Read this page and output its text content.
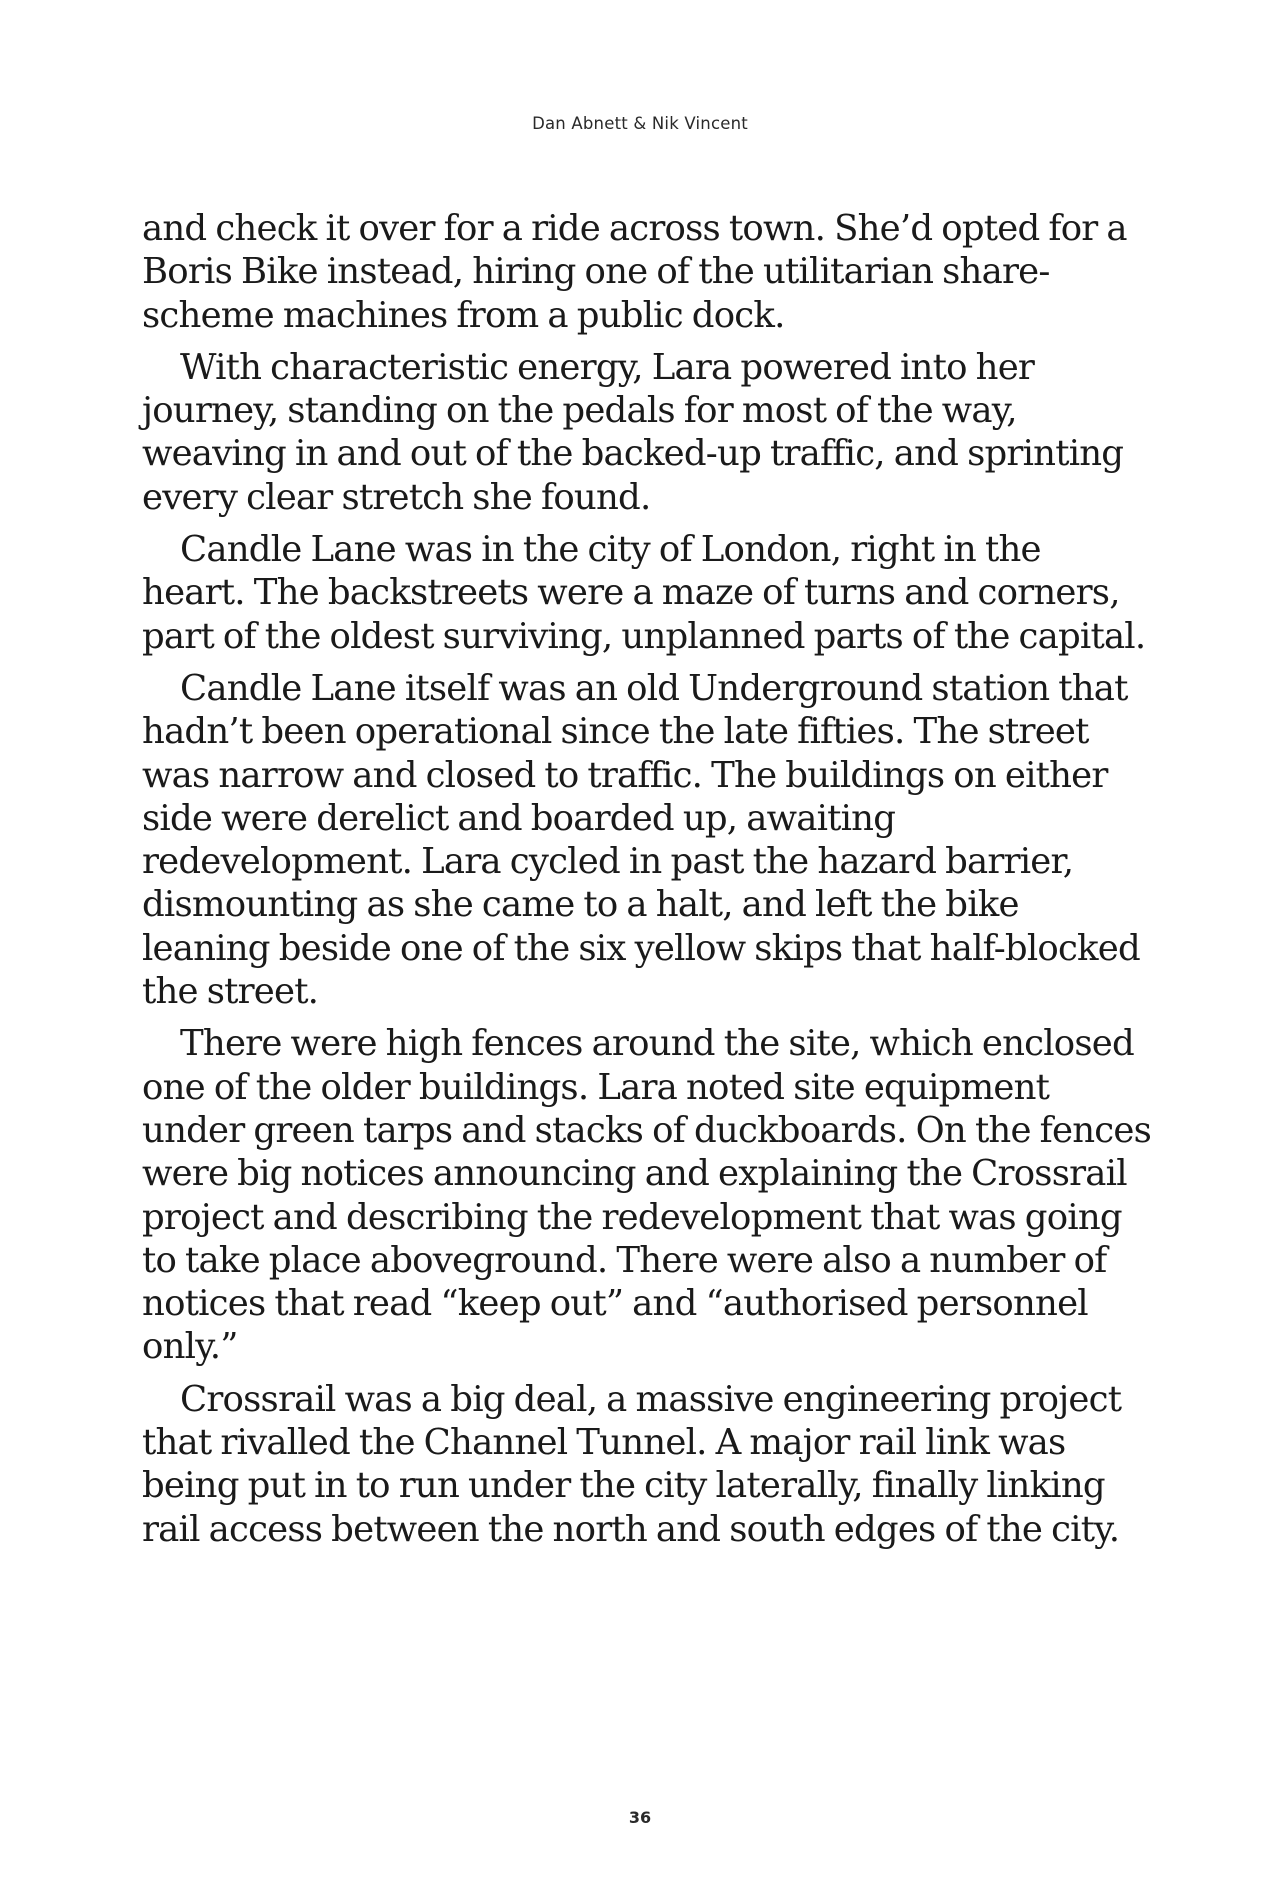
Dan Abnett & Nik Vincent

and check it over for a ride across town. She’d opted for a Boris Bike instead, hiring one of the utilitarian share-scheme machines from a public dock.

With characteristic energy, Lara powered into her journey, standing on the pedals for most of the way, weaving in and out of the backed-up traffic, and sprinting every clear stretch she found.

Candle Lane was in the city of London, right in the heart. The backstreets were a maze of turns and corners, part of the oldest surviving, unplanned parts of the capital.

Candle Lane itself was an old Underground station that hadn’t been operational since the late fifties. The street was narrow and closed to traffic. The buildings on either side were derelict and boarded up, awaiting redevelopment. Lara cycled in past the hazard barrier, dismounting as she came to a halt, and left the bike leaning beside one of the six yellow skips that half-blocked the street.

There were high fences around the site, which enclosed one of the older buildings. Lara noted site equipment under green tarps and stacks of duckboards. On the fences were big notices announcing and explaining the Crossrail project and describing the redevelopment that was going to take place aboveground. There were also a number of notices that read “keep out” and “authorised personnel only.”

Crossrail was a big deal, a massive engineering project that rivalled the Channel Tunnel. A major rail link was being put in to run under the city laterally, finally linking rail access between the north and south edges of the city.

36
